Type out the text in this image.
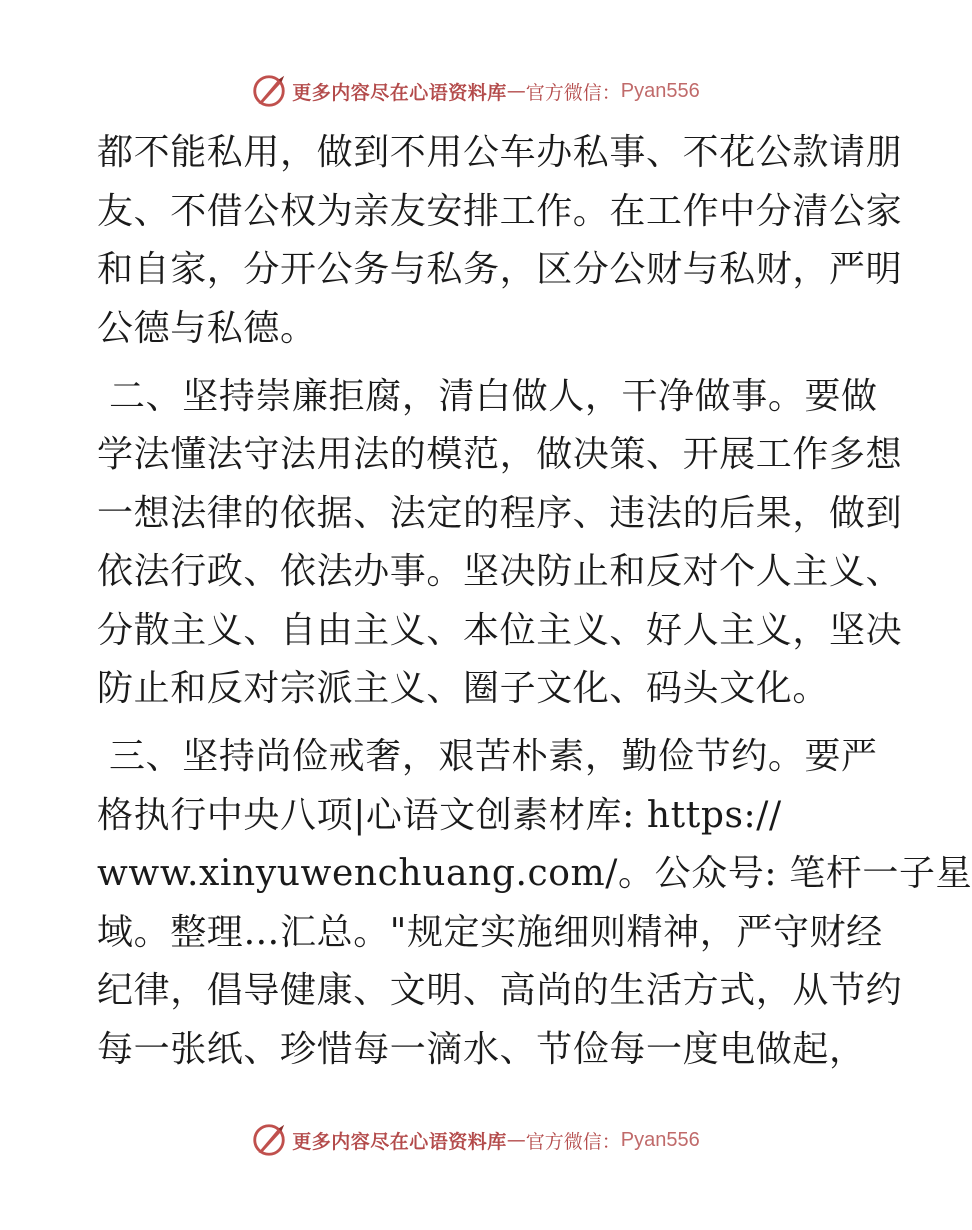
更多内容尽在心语资料库 — 官方微信： Pyan556
都不能私用，做到不用公车办私事、不花公款请朋
友、不借公权为亲友安排工作。在工作中分清公家
和自家，分开公务与私务，区分公财与私财，严明
公德与私德。
二、坚持崇廉拒腐，清白做人，干净做事。要做
学法懂法守法用法的模范，做决策、开展工作多想
一想法律的依据、法定的程序、违法的后果，做到
依法行政、依法办事。坚决防止和反对个人主义、
分散主义、自由主义、本位主义、好人主义，坚决
防止和反对宗派主义、圈子文化、码头文化。
三、坚持尚俭戒奢，艰苦朴素，勤俭节约。要严
格执行中央八项|心语文创素材库: https://
www.xinyuwenchuang.com/。公众号: 笔杆一子星
域。整理…汇总。"规定实施细则精神，严守财经
纪律，倡导健康、文明、高尚的生活方式，从节约
每一张纸、珍惜每一滴水、节俭每一度电做起，
更多内容尽在心语资料库 — 官方微信： Pyan556
